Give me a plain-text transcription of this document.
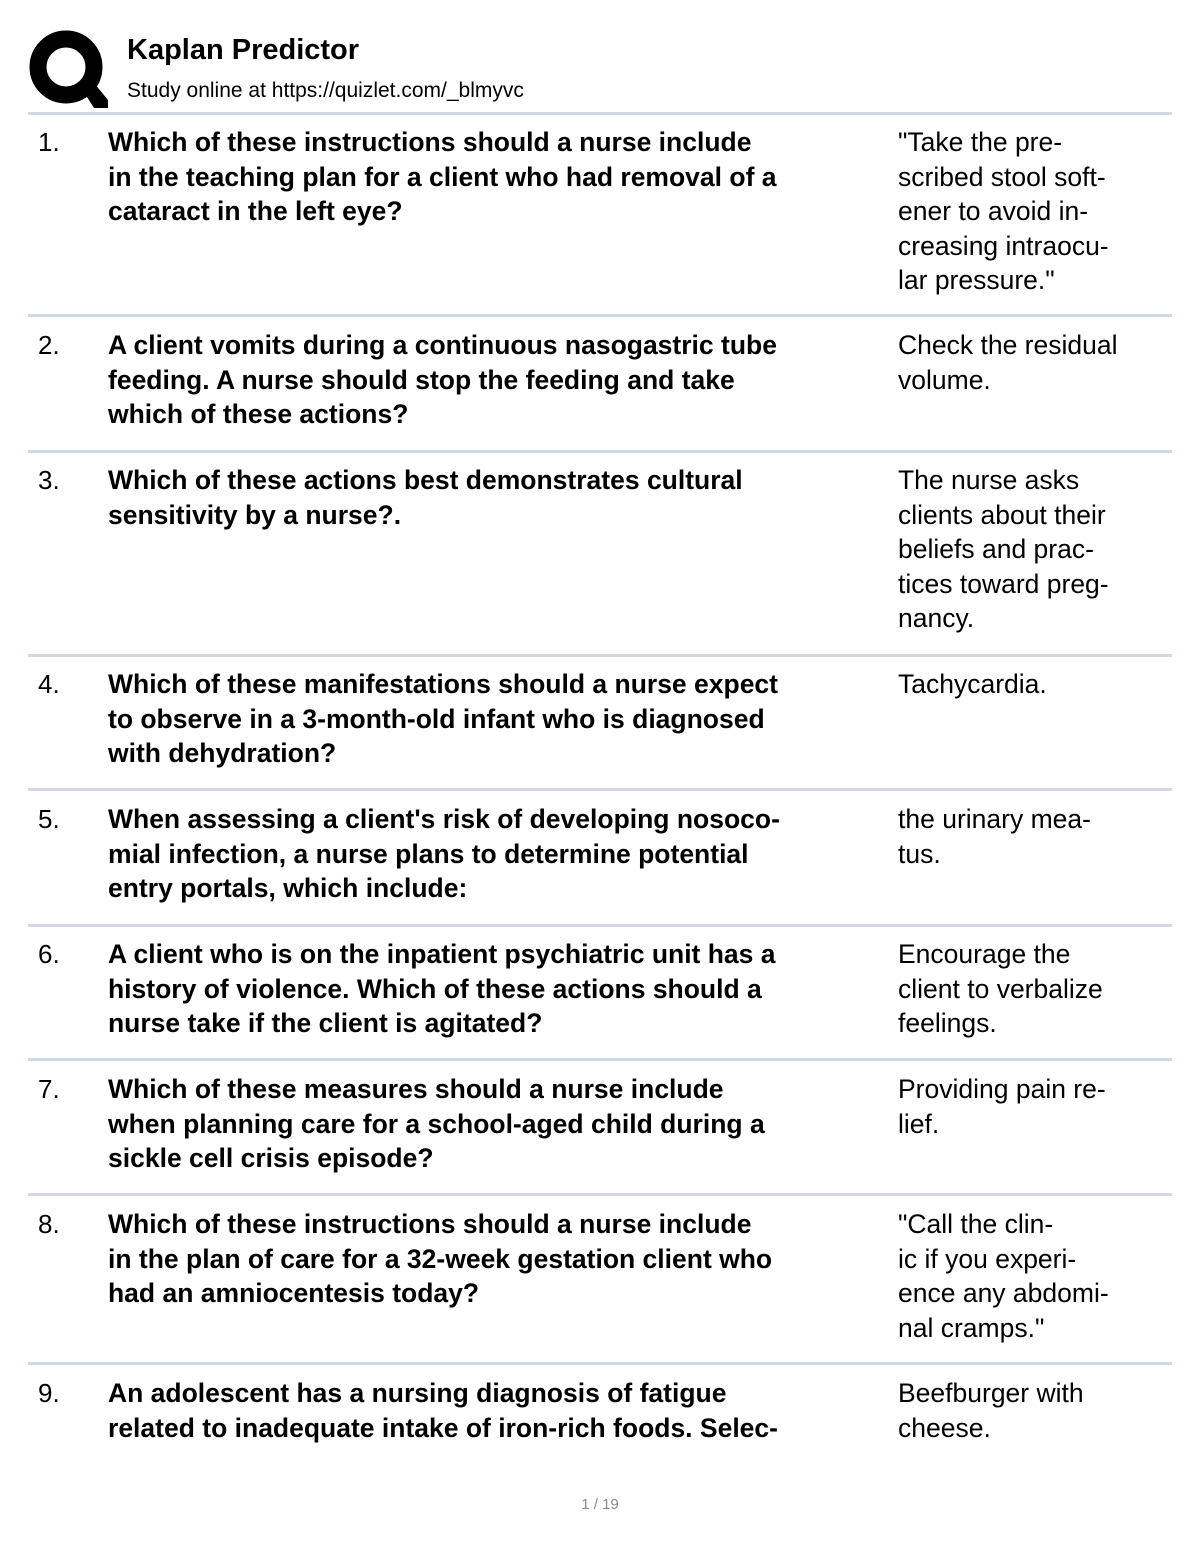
Kaplan Predictor
Study online at https://quizlet.com/_blmyvc
1. Which of these instructions should a nurse include
in the teaching plan for a client who had removal of a
cataract in the left eye?
"Take the pre-
scribed stool soft-
ener to avoid in-
creasing intraocu-
lar pressure."
2. A client vomits during a continuous nasogastric tube
feeding. A nurse should stop the feeding and take
which of these actions?
Check the residual
volume.
3. Which of these actions best demonstrates cultural
sensitivity by a nurse?.
The nurse asks
clients about their
beliefs and prac-
tices toward preg-
nancy.
4. Which of these manifestations should a nurse expect
to observe in a 3-month-old infant who is diagnosed
with dehydration?
Tachycardia.
5. When assessing a client's risk of developing nosoco-
mial infection, a nurse plans to determine potential
entry portals, which include:
the urinary mea-
tus.
6. A client who is on the inpatient psychiatric unit has a
history of violence. Which of these actions should a
nurse take if the client is agitated?
Encourage the
client to verbalize
feelings.
7. Which of these measures should a nurse include
when planning care for a school-aged child during a
sickle cell crisis episode?
Providing pain re-
lief.
8. Which of these instructions should a nurse include
in the plan of care for a 32-week gestation client who
had an amniocentesis today?
"Call the clin-
ic if you experi-
ence any abdomi-
nal cramps."
9. An adolescent has a nursing diagnosis of fatigue
related to inadequate intake of iron-rich foods. Selec-
Beefburger with
cheese.
1 / 19
